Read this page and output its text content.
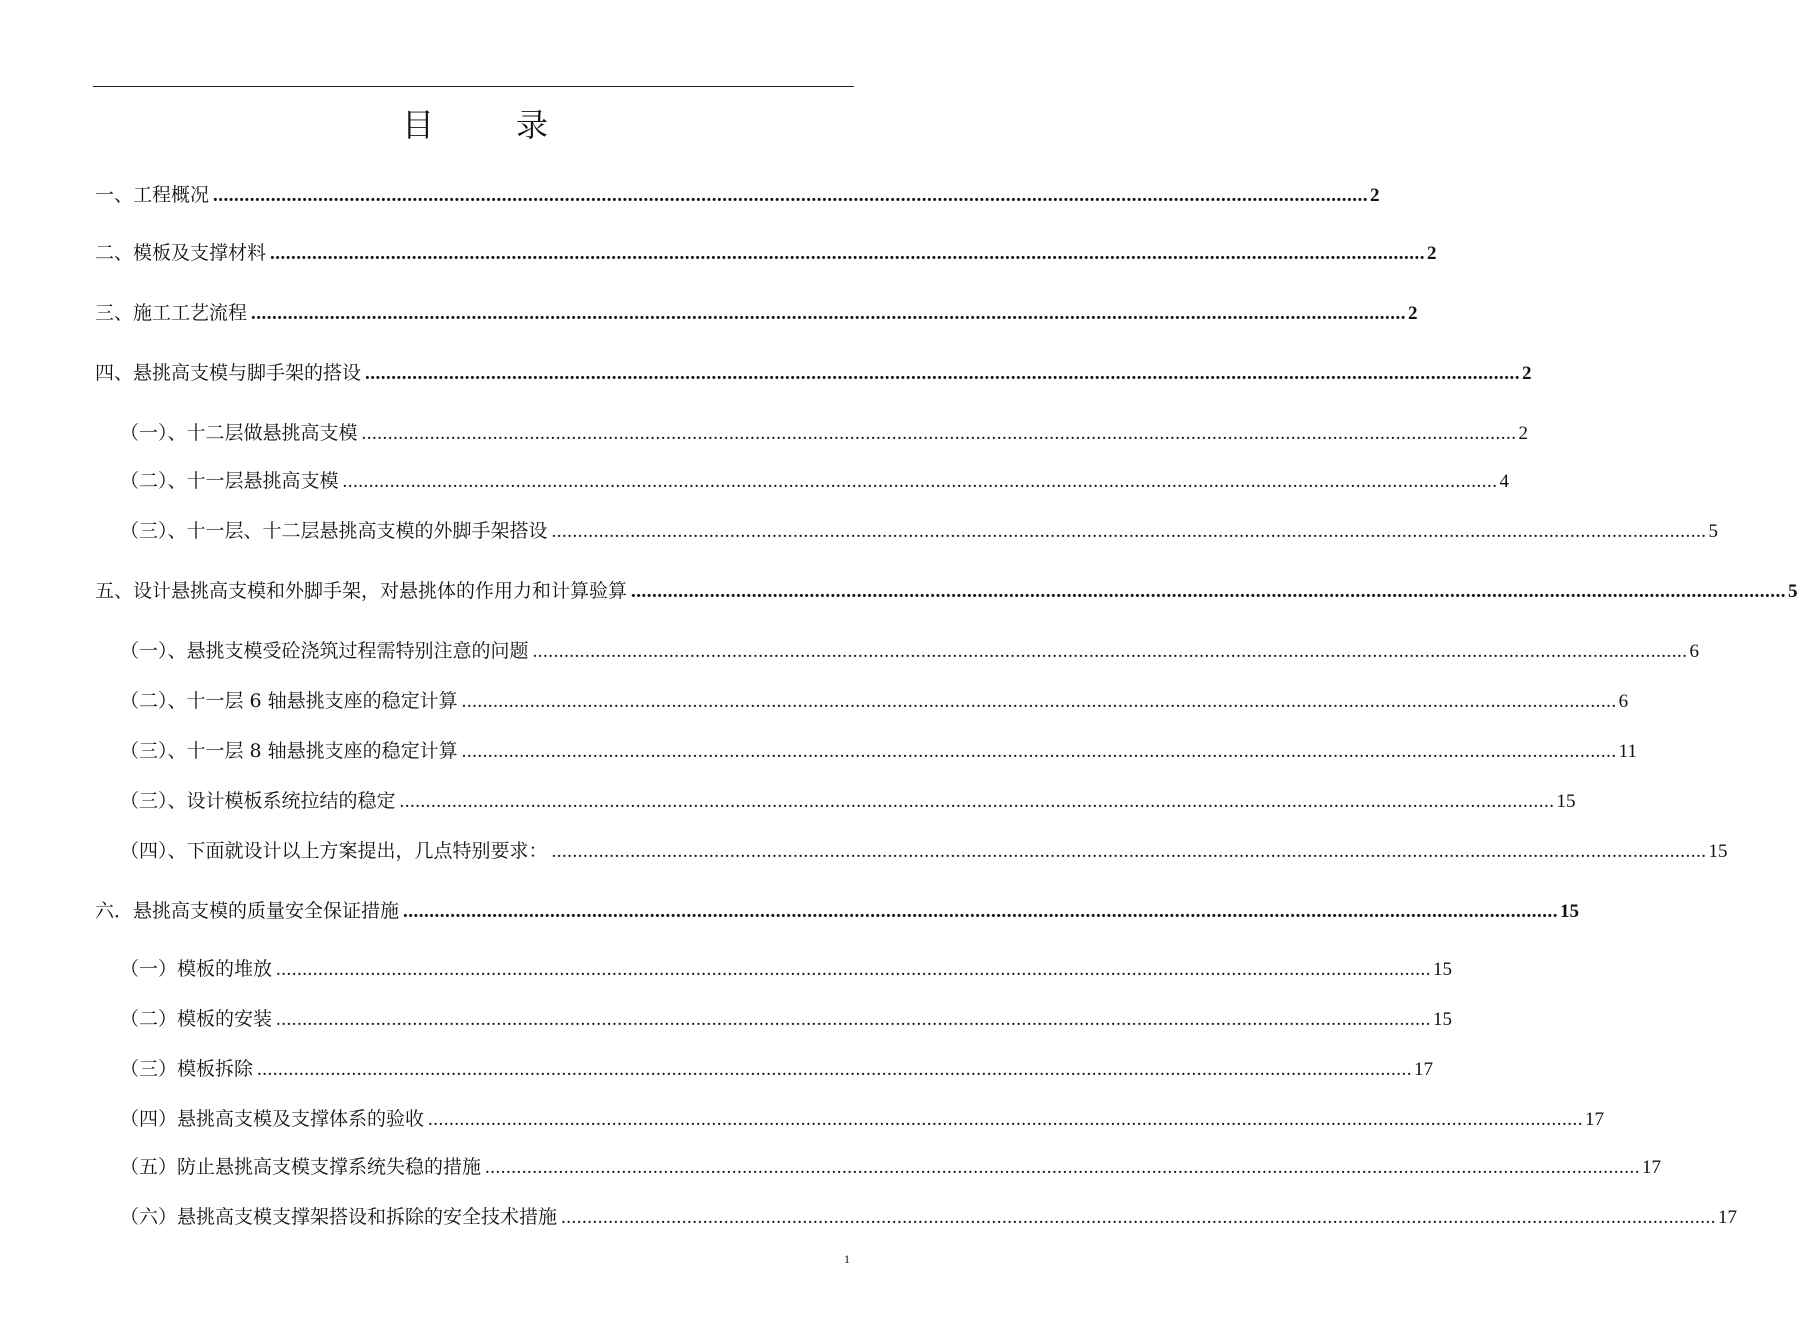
目	录
一、工程概况 ............................................................................................................................................................................................................................ 2
二、模板及支撑材料 ............................................................................................................................................................................................................................ 2
三、施工工艺流程 ............................................................................................................................................................................................................................ 2
四、悬挑高支模与脚手架的搭设 ............................................................................................................................................................................................................................ 2
（一）、十二层做悬挑高支模 ............................................................................................................................................................................................................................ 2
（二）、十一层悬挑高支模 ............................................................................................................................................................................................................................ 4
（三）、十一层、十二层悬挑高支模的外脚手架搭设 ............................................................................................................................................................................................................................ 5
五、设计悬挑高支模和外脚手架，对悬挑体的作用力和计算验算 ............................................................................................................................................................................................................................ 5
（一）、悬挑支模受砼浇筑过程需特别注意的问题 ............................................................................................................................................................................................................................ 6
（二）、十一层 6 轴悬挑支座的稳定计算 ............................................................................................................................................................................................................................ 6
（三）、十一层 8 轴悬挑支座的稳定计算 ............................................................................................................................................................................................................................ 11
（三）、设计模板系统拉结的稳定 ............................................................................................................................................................................................................................ 15
（四）、下面就设计以上方案提出，几点特别要求： ............................................................................................................................................................................................................................ 15
六．悬挑高支模的质量安全保证措施 ............................................................................................................................................................................................................................ 15
（一）模板的堆放 ............................................................................................................................................................................................................................ 15
（二）模板的安装 ............................................................................................................................................................................................................................ 15
（三）模板拆除 ............................................................................................................................................................................................................................ 17
（四）悬挑高支模及支撑体系的验收 ............................................................................................................................................................................................................................ 17
（五）防止悬挑高支模支撑系统失稳的措施 ............................................................................................................................................................................................................................ 17
（六）悬挑高支模支撑架搭设和拆除的安全技术措施 ............................................................................................................................................................................................................................ 17
1
